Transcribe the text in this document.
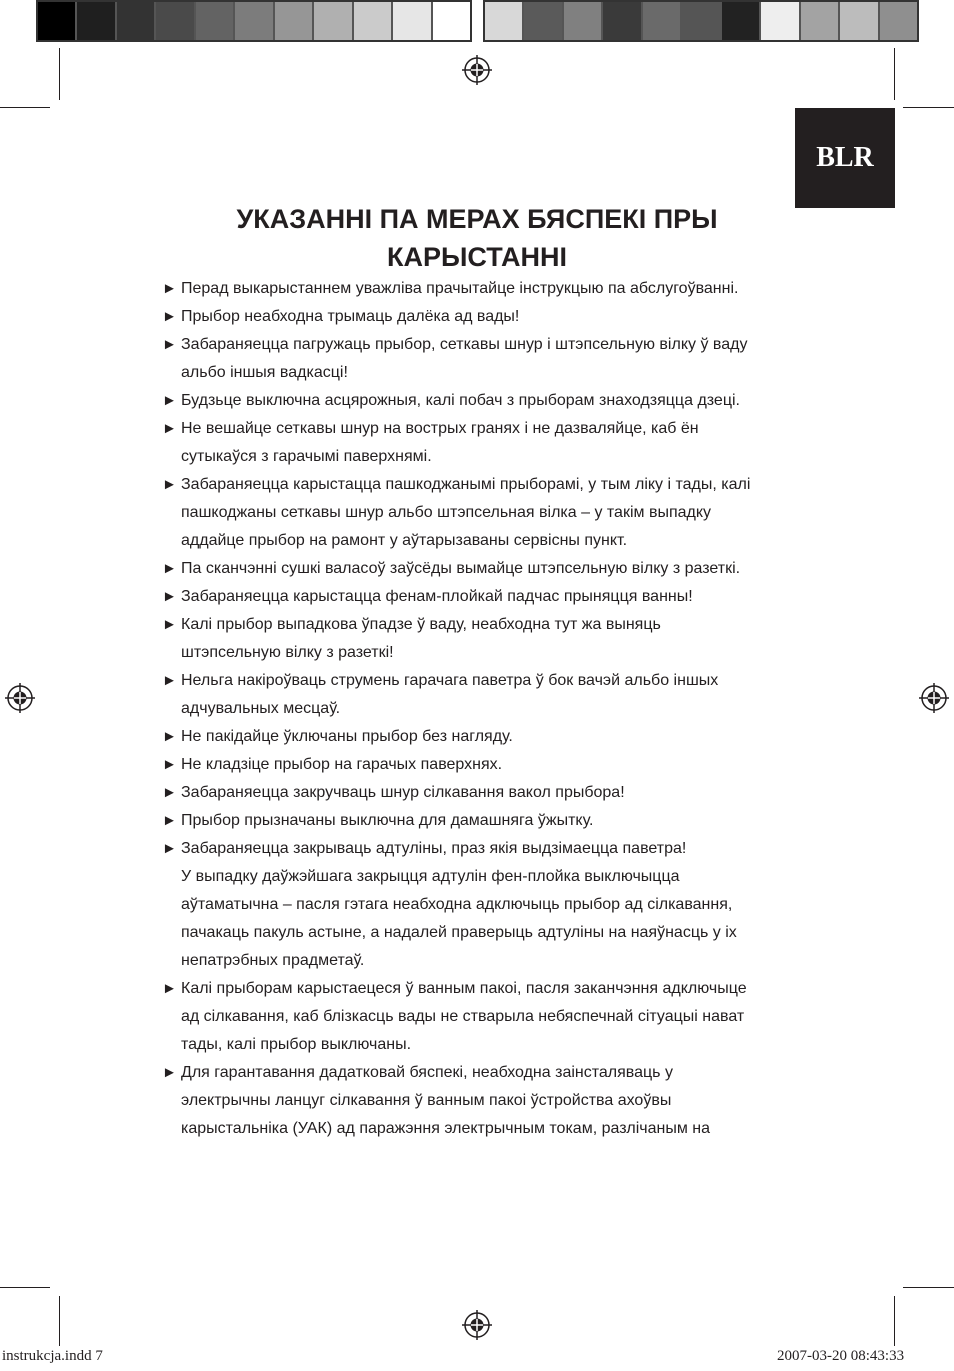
BLR
УКАЗАННІ ПА МЕРАХ БЯСПЕКІ ПРЫ
КАРЫСТАННІ
► Перад выкарыстаннем уважліва прачытайце інструкцыю па абслугоўванні.
► Прыбор неабходна трымаць далёка ад вады!
► Забараняецца пагружаць прыбор, сеткавы шнур і штэпсельную вілку ў ваду
альбо іншыя вадкасці!
► Будзьце выключна асцярожныя, калі побач з прыборам знаходзяцца дзеці.
► Не вешайце сеткавы шнур на вострых гранях і не дазваляйце, каб ён
сутыкаўся з гарачымі паверхнямі.
► Забараняецца карыстацца пашкоджанымі прыборамі, у тым ліку і тады, калі
пашкоджаны сеткавы шнур альбо штэпсельная вілка – у такім выпадку
аддайце прыбор на рамонт у аўтарызаваны сервісны пункт.
► Па сканчэнні сушкі валасоў заўсёды вымайце штэпсельную вілку з разеткі.
► Забараняецца карыстацца фенам-плойкай падчас прыняцця ванны!
► Калі прыбор выпадкова ўпадзе ў ваду, неабходна тут жа выняць
штэпсельную вілку з разеткі!
► Нельга накіроўваць струмень гарачага паветра ў бок вачэй альбо іншых
адчувальных месцаў.
► Не пакідайце ўключаны прыбор без нагляду.
► Не кладзіце прыбор на гарачых паверхнях.
► Забараняецца закручваць шнур сілкавання вакол прыбора!
► Прыбор прызначаны выключна для дамашняга ўжытку.
► Забараняецца закрываць адтуліны, праз якія выдзімаецца паветра!
У выпадку даўжэйшага закрыцця адтулін фен-плойка выключыцца
аўтаматычна – пасля гэтага неабходна адключыць прыбор ад сілкавання,
пачакаць пакуль астыне, а надалей праверыць адтуліны на наяўнасць у іх
непатрэбных прадметаў.
► Калі прыборам карыстаецеся ў ванным пакоі, пасля заканчэння адключыце
ад сілкавання, каб блізкасць вады не стварыла небяспечнай сітуацыі нават
тады, калі прыбор выключаны.
► Для гарантавання дадатковай бяспекі, неабходна заінсталяваць у
электрычны ланцуг сілкавання ў ванным пакоі ўстройства ахоўвы
карыстальніка (УАК) ад паражэння электрычным токам, разлічаным на
instrukcja.indd 7	2007-03-20 08:43:33
